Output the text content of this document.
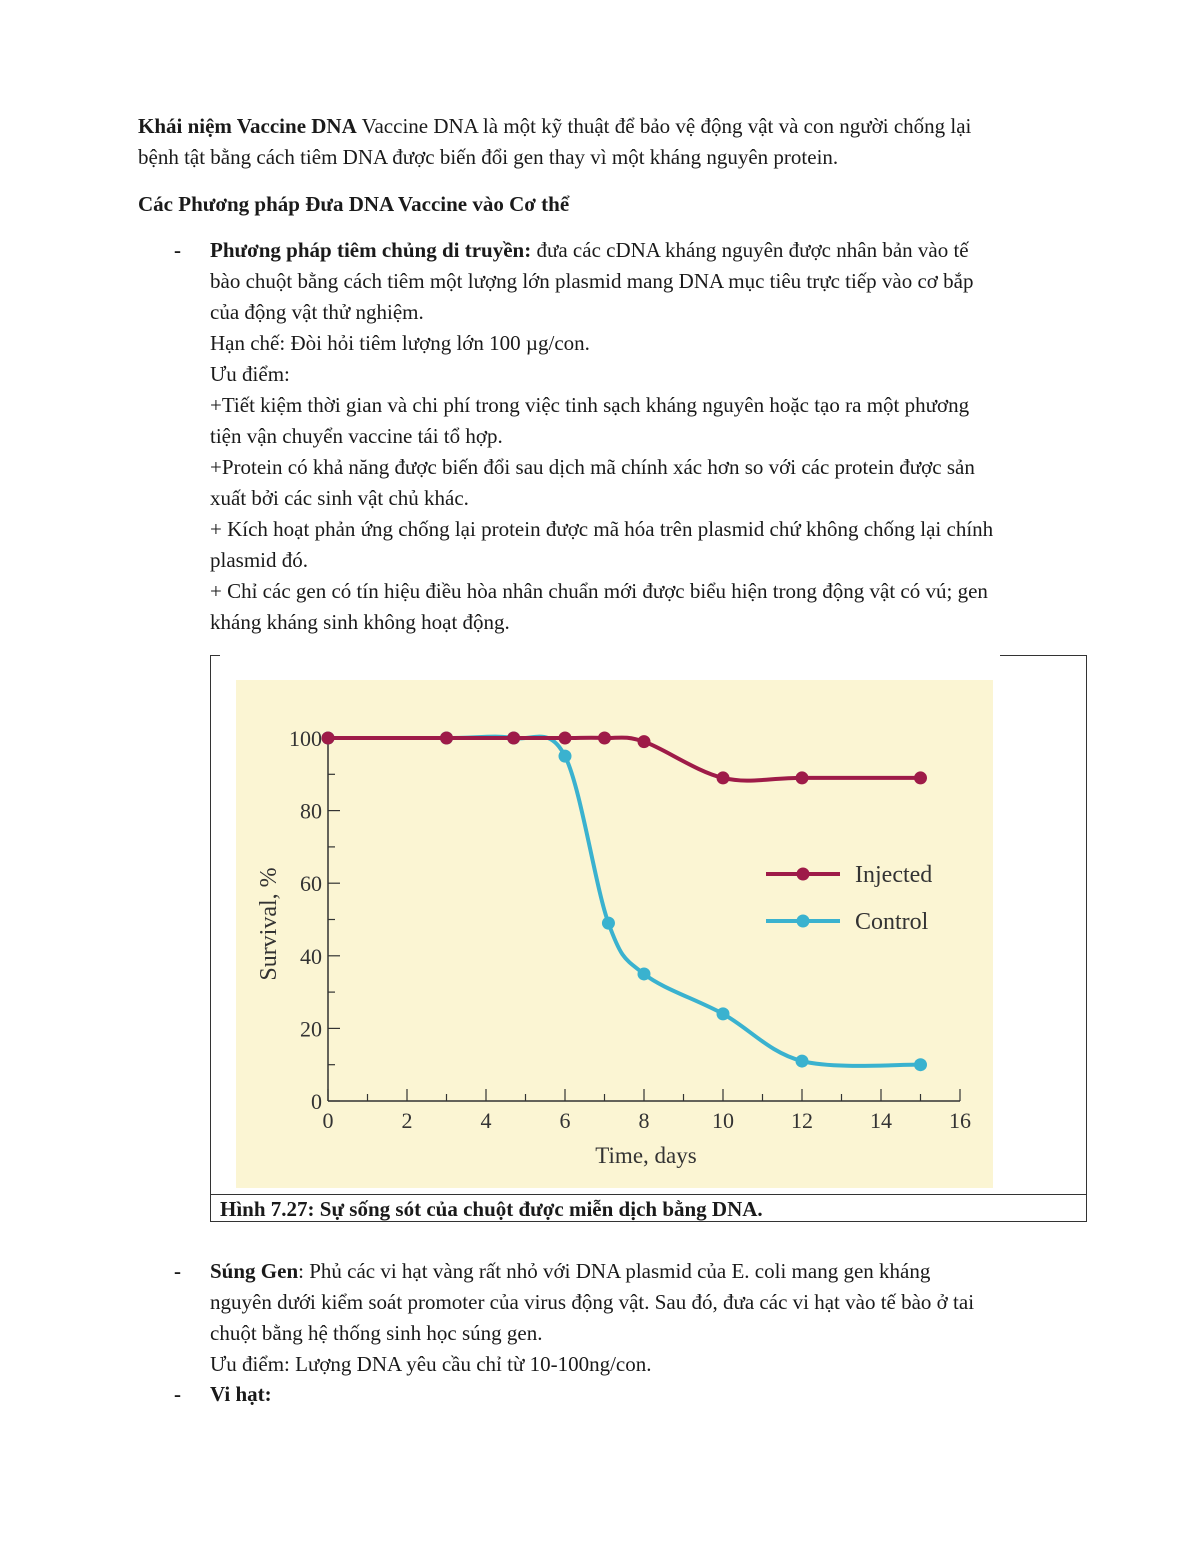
Khái niệm Vaccine DNA Vaccine DNA là một kỹ thuật để bảo vệ động vật và con người chống lại
bệnh tật bằng cách tiêm DNA được biến đổi gen thay vì một kháng nguyên protein.

Các Phương pháp Đưa DNA Vaccine vào Cơ thể

- Phương pháp tiêm chủng di truyền: đưa các cDNA kháng nguyên được nhân bản vào tế
bào chuột bằng cách tiêm một lượng lớn plasmid mang DNA mục tiêu trực tiếp vào cơ bắp
của động vật thử nghiệm.
Hạn chế: Đòi hỏi tiêm lượng lớn 100 µg/con.
Ưu điểm:
+Tiết kiệm thời gian và chi phí trong việc tinh sạch kháng nguyên hoặc tạo ra một phương
tiện vận chuyển vaccine tái tổ hợp.
+Protein có khả năng được biến đổi sau dịch mã chính xác hơn so với các protein được sản
xuất bởi các sinh vật chủ khác.
+ Kích hoạt phản ứng chống lại protein được mã hóa trên plasmid chứ không chống lại chính
plasmid đó.
+ Chỉ các gen có tín hiệu điều hòa nhân chuẩn mới được biểu hiện trong động vật có vú; gen
kháng kháng sinh không hoạt động.

0	2	4	6	8	10	12	14	16
0
20
40
60
80
100
Survival, %
Time, days
Injected
Control
Hình 7.27: Sự sống sót của chuột được miễn dịch bằng DNA.
- Súng Gen: Phủ các vi hạt vàng rất nhỏ với DNA plasmid của E. coli mang gen kháng
nguyên dưới kiểm soát promoter của virus động vật. Sau đó, đưa các vi hạt vào tế bào ở tai
chuột bằng hệ thống sinh học súng gen.
Ưu điểm: Lượng DNA yêu cầu chỉ từ 10-100ng/con.

- Vi hạt:
